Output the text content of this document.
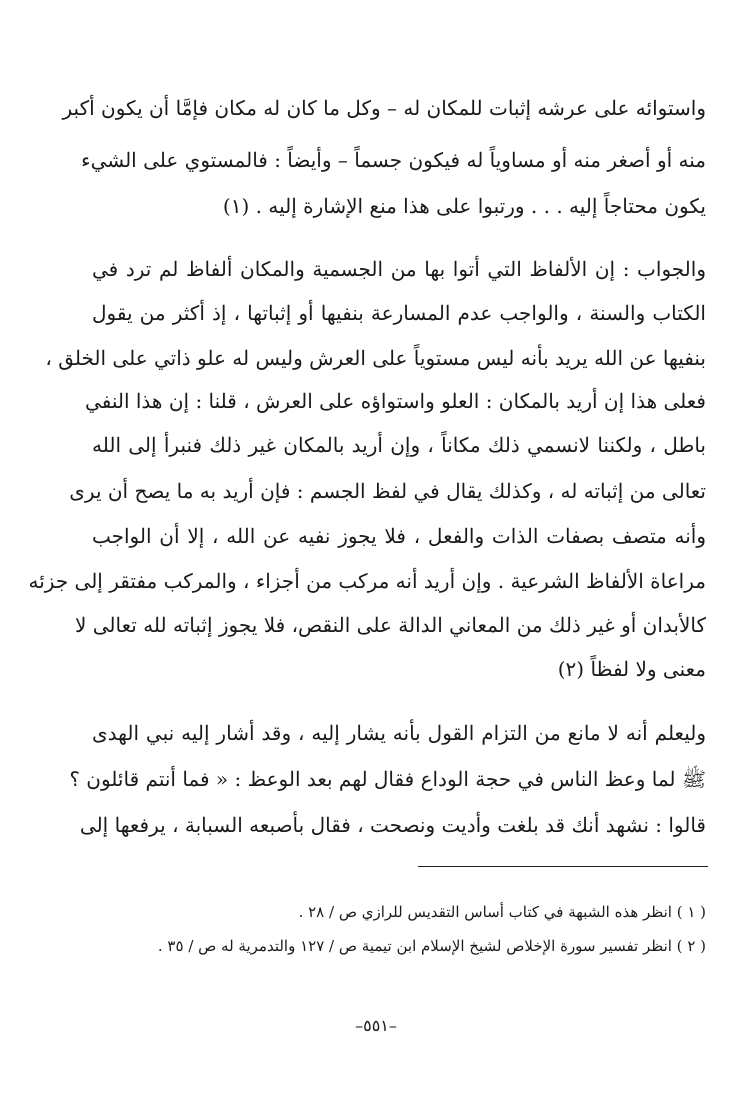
واستوائه على عرشه إثبات للمكان له – وكل ما كان له مكان فإمَّا أن يكون أكبر
منه أو أصغر منه أو مساوياً له فيكون جسماً – وأيضاً : فالمستوي على الشيء
يكون محتاجاً إليه . . . ورتبوا على هذا منع الإشارة إليه . (١)
والجواب : إن الألفاظ التي أتوا بها من الجسمية والمكان ألفاظ لم ترد في
الكتاب والسنة ، والواجب عدم المسارعة بنفيها أو إثباتها ، إذ أكثر من يقول
بنفيها عن الله يريد بأنه ليس مستوياً على العرش وليس له علو ذاتي على الخلق ،
فعلى هذا إن أريد بالمكان : العلو واستواؤه على العرش ، قلنا : إن هذا النفي
باطل ، ولكننا لانسمي ذلك مكاناً ، وإن أريد بالمكان غير ذلك فنبرأ إلى الله
تعالى من إثباته له ، وكذلك يقال في لفظ الجسم : فإن أريد به ما يصح أن يرى
وأنه متصف بصفات الذات والفعل ، فلا يجوز نفيه عن الله ، إلا أن الواجب
مراعاة الألفاظ الشرعية . وإن أريد أنه مركب من أجزاء ، والمركب مفتقر إلى جزئه
كالأبدان أو غير ذلك من المعاني الدالة على النقص، فلا يجوز إثباته لله تعالى لا
معنى ولا لفظاً (٢)
وليعلم أنه لا مانع من التزام القول بأنه يشار إليه ، وقد أشار إليه نبي الهدى
ﷺ لما وعظ الناس في حجة الوداع فقال لهم بعد الوعظ : « فما أنتم قائلون ؟
قالوا : نشهد أنك قد بلغت وأديت ونصحت ، فقال بأصبعه السبابة ، يرفعها إلى
( ١ ) انظر هذه الشبهة في كتاب أساس التقديس للرازي ص / ٢٨ .
( ٢ ) انظر تفسير سورة الإخلاص لشيخ الإسلام ابن تيمية ص / ١٢٧ والتدمرية له ص / ٣٥ .
–٥٥١–
